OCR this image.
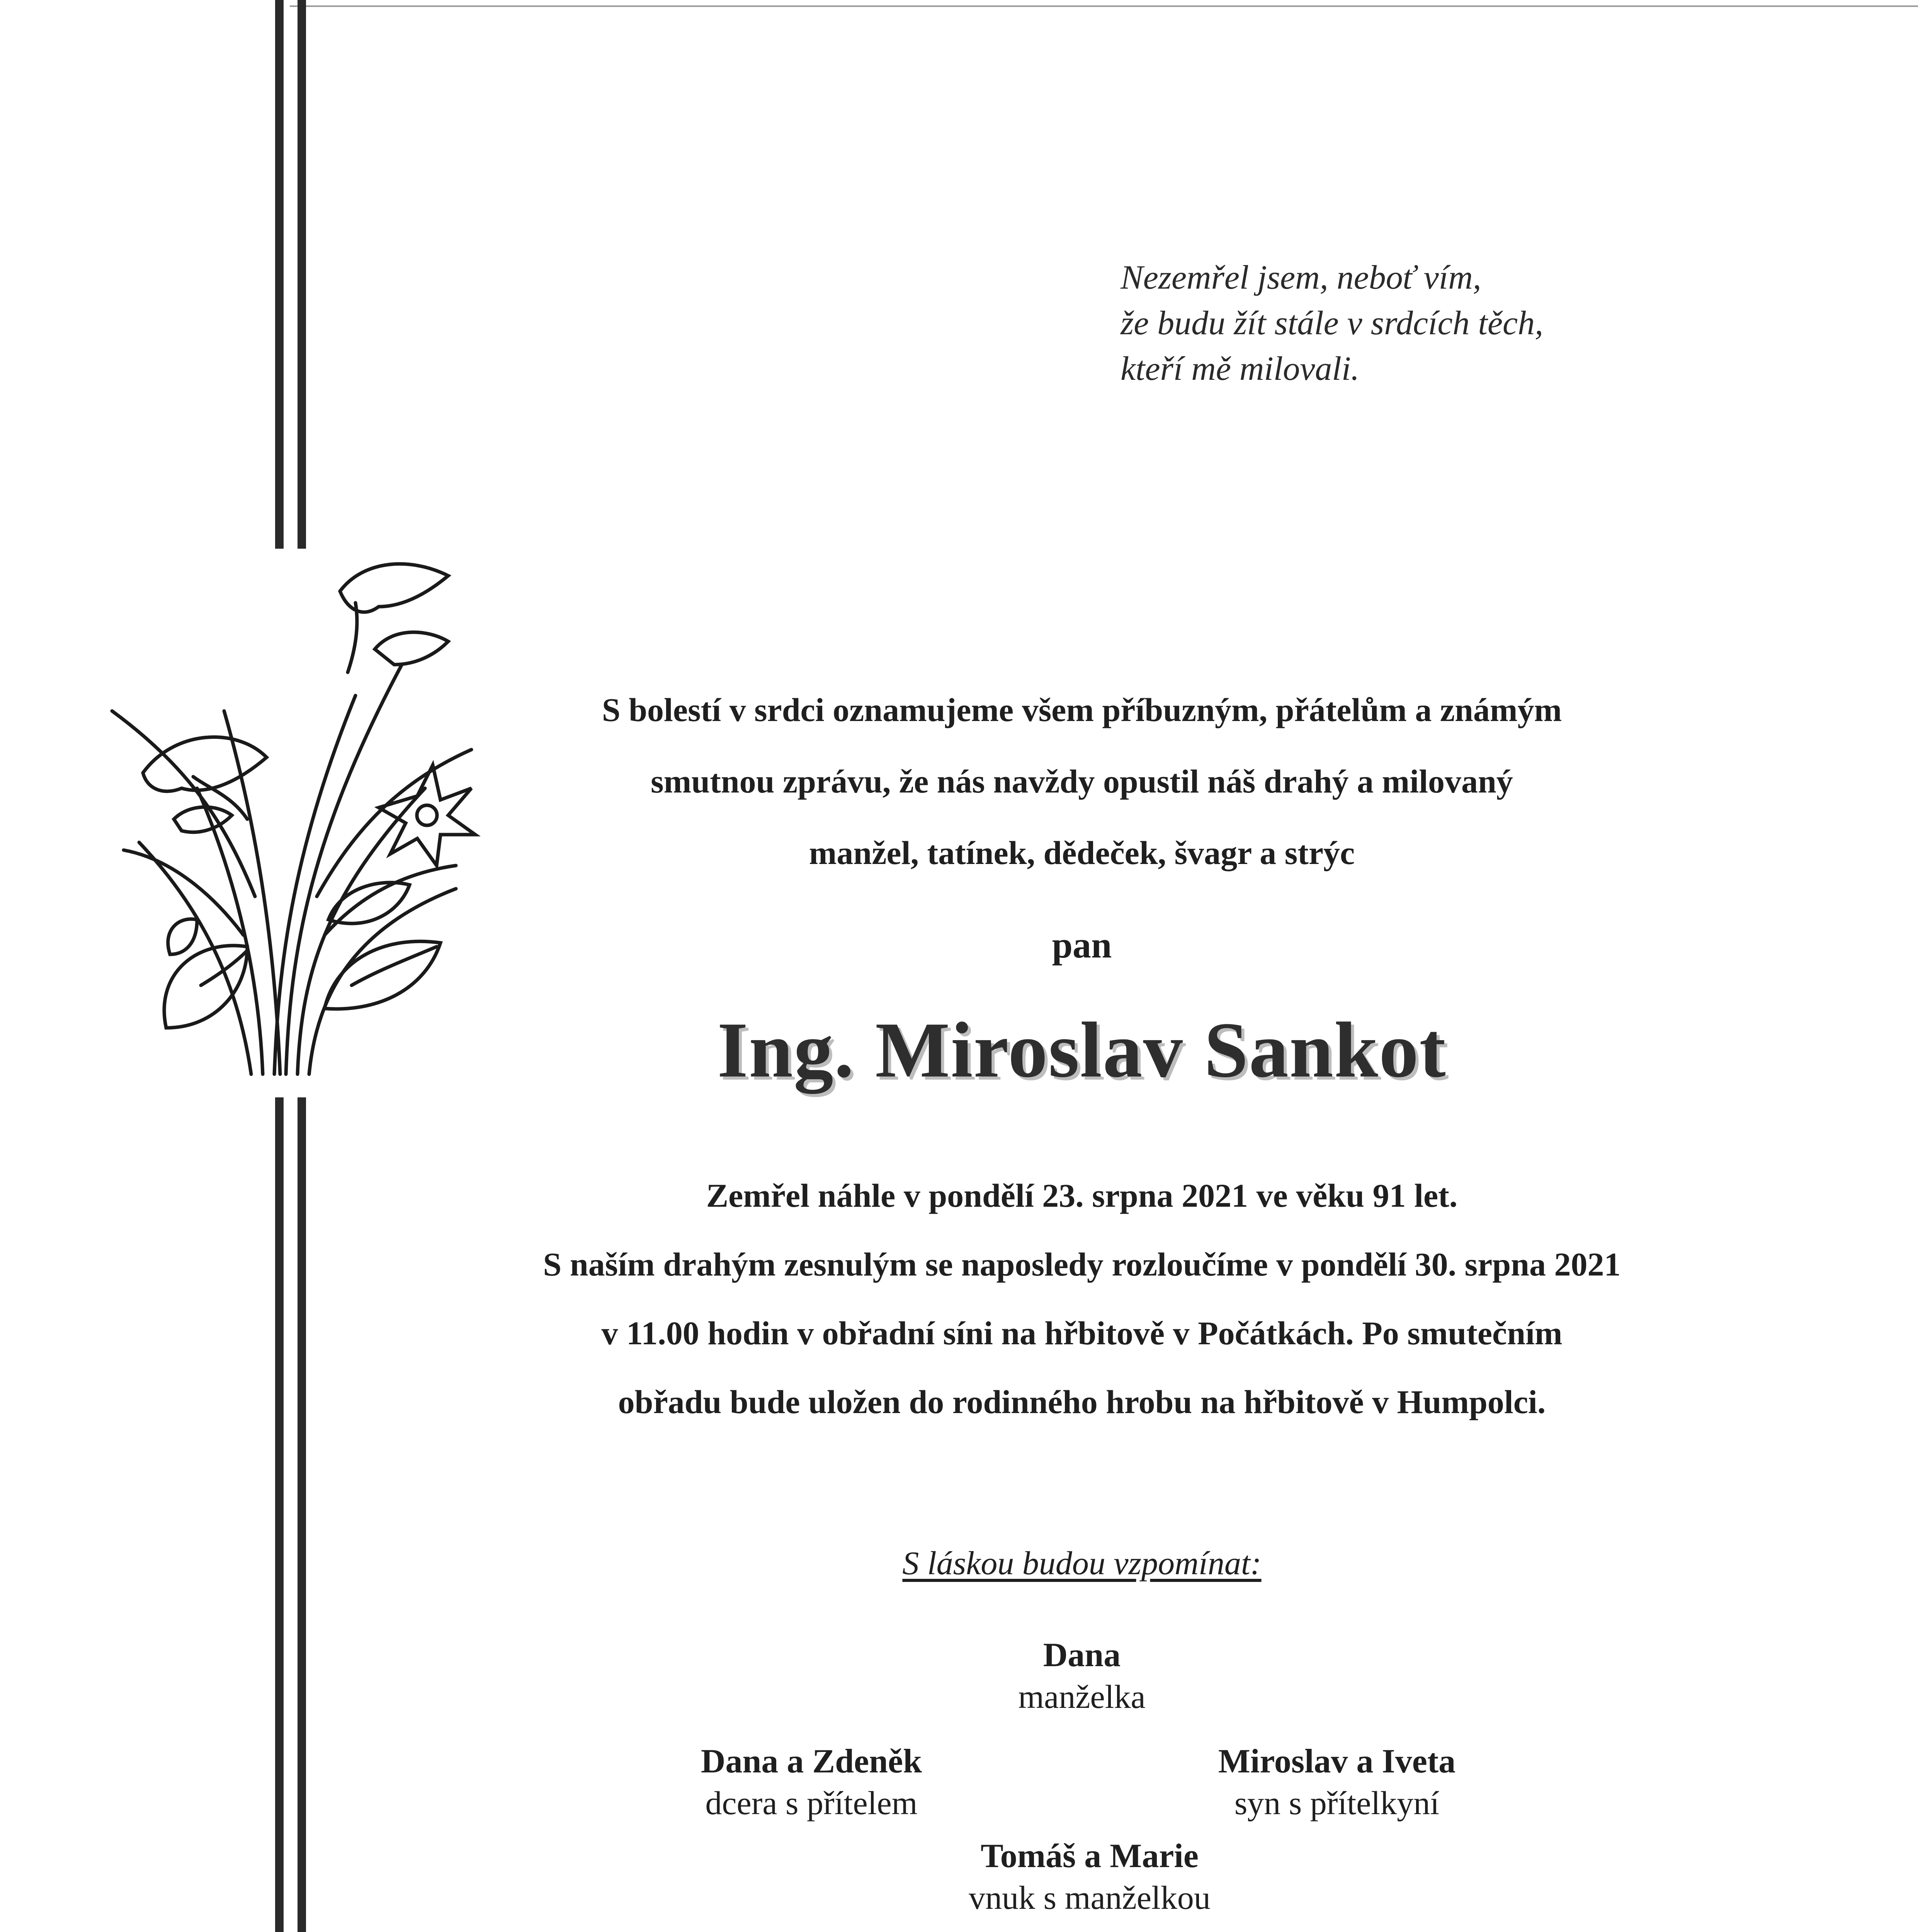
Nezemřel jsem, neboť vím,
že budu žít stále v srdcích těch,
kteří mě milovali.
S bolestí v srdci oznamujeme všem příbuzným, přátelům a známým
smutnou zprávu, že nás navždy opustil náš drahý a milovaný
manžel, tatínek, dědeček, švagr a strýc
pan
Ing. Miroslav Sankot
Zemřel náhle v pondělí 23. srpna 2021 ve věku 91 let.
S naším drahým zesnulým se naposledy rozloučíme v pondělí 30. srpna 2021
v 11.00 hodin v obřadní síni na hřbitově v Počátkách. Po smutečním
obřadu bude uložen do rodinného hrobu na hřbitově v Humpolci.
S láskou budou vzpomínat:
Dana
manželka
Dana a Zdeněk
dcera s přítelem
Miroslav a Iveta
syn s přítelkyní
Tomáš a Marie
vnuk s manželkou
